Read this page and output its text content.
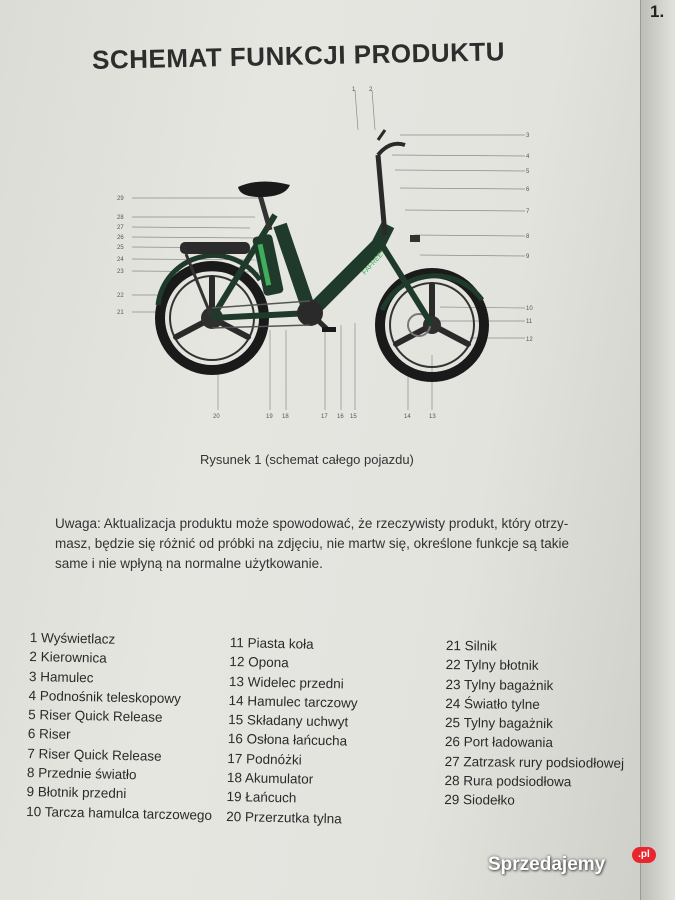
1.
SCHEMAT FUNKCJI PRODUKTU
1 2
3
4
5
6
7
8
9
10
11
12
13
14
15
16
17
18
19
20
21
22
23
24
25
26
27
28
29
FAFREES
Rysunek 1 (schemat całego pojazdu)
Uwaga: Aktualizacja produktu może spowodować, że rzeczywisty produkt, który otrzy-
masz, będzie się różnić od próbki na zdjęciu, nie martw się, określone funkcje są takie
same i nie wpłyną na normalne użytkowanie.
1 Wyświetlacz
2 Kierownica
3 Hamulec
4 Podnośnik teleskopowy
5 Riser Quick Release
6 Riser
7 Riser Quick Release
8 Przednie światło
9 Błotnik przedni
10 Tarcza hamulca tarczowego
11 Piasta koła
12 Opona
13 Widelec przedni
14 Hamulec tarczowy
15 Składany uchwyt
16 Osłona łańcucha
17 Podnóżki
18 Akumulator
19 Łańcuch
20 Przerzutka tylna
21 Silnik
22 Tylny błotnik
23 Tylny bagażnik
24 Światło tylne
25 Tylny bagażnik
26 Port ładowania
27 Zatrzask rury podsiodłowej
28 Rura podsiodłowa
29 Siodełko
Sprzedajemy	.pl
